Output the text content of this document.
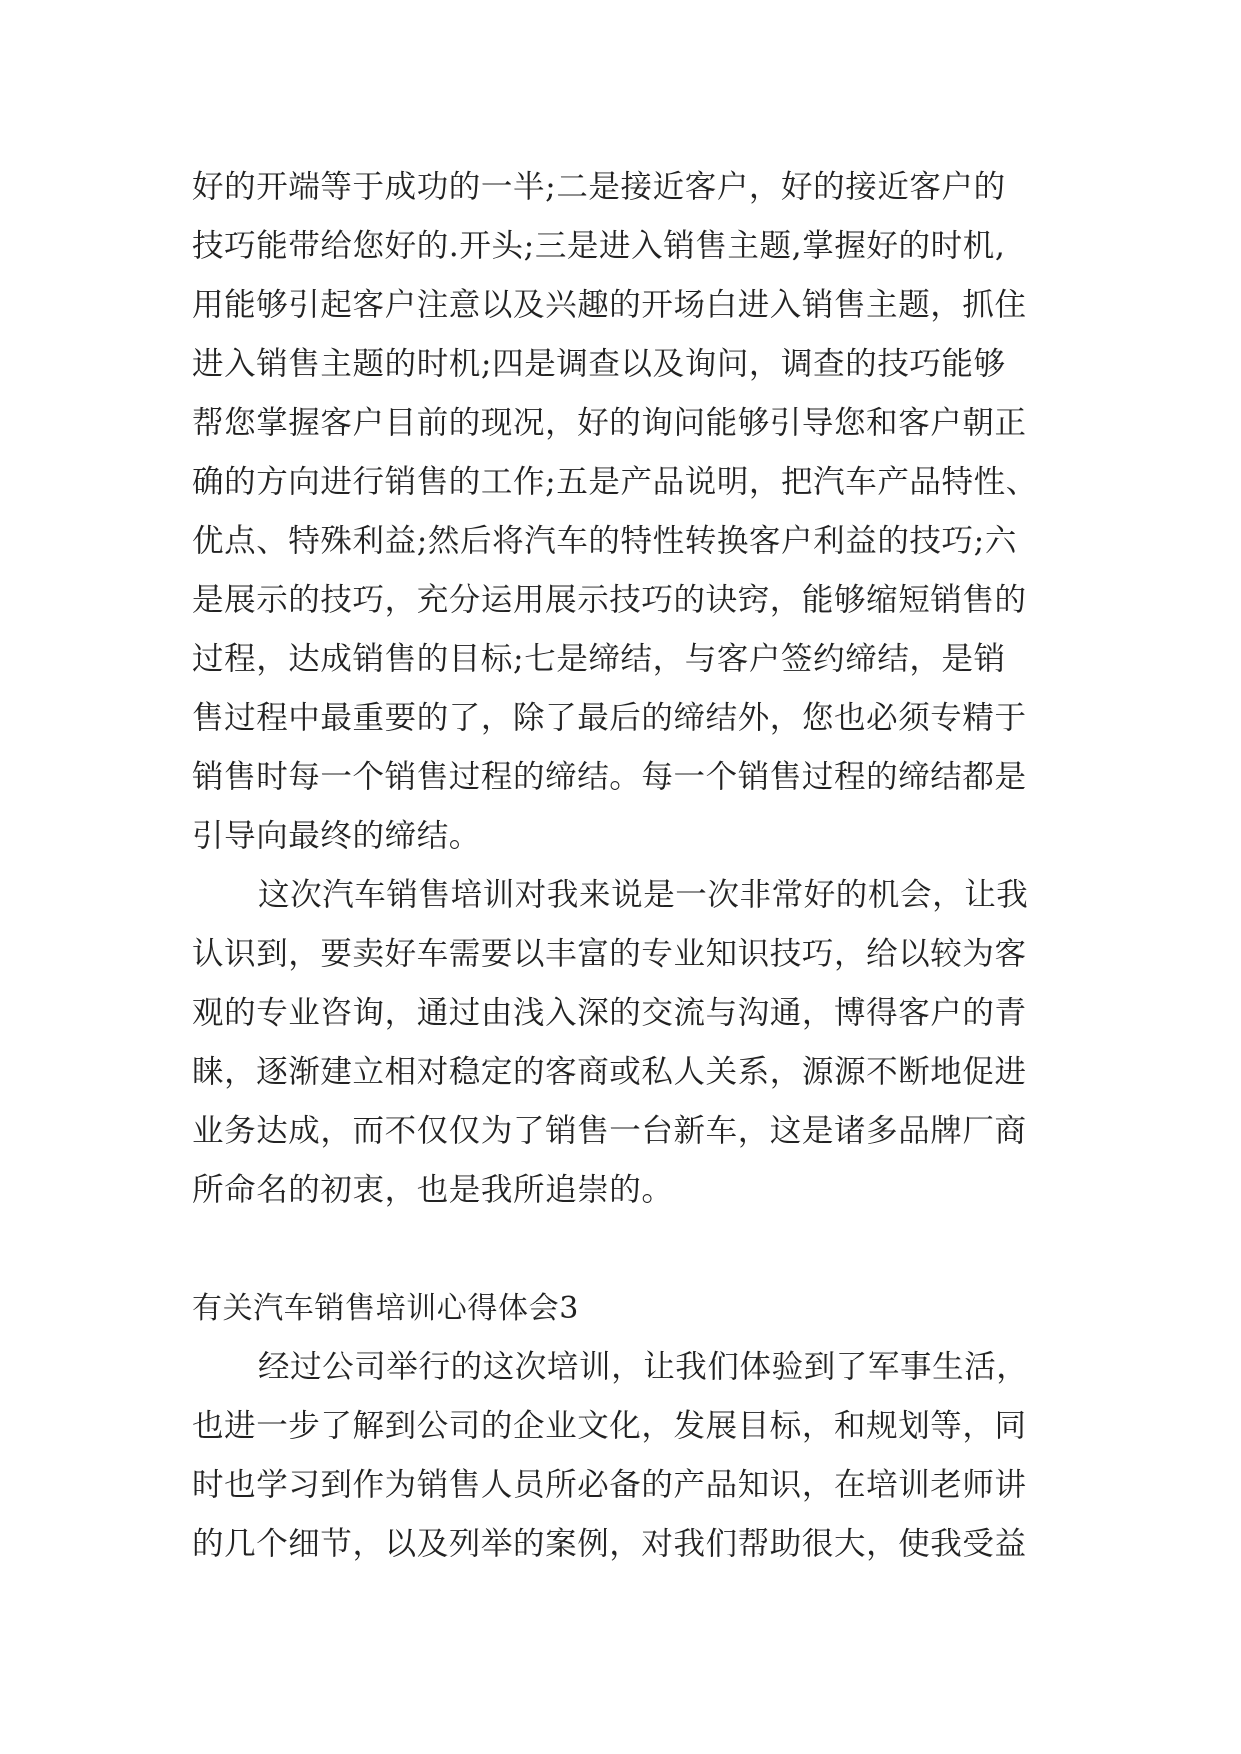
好的开端等于成功的一半;二是接近客户，好的接近客户的
技巧能带给您好的.开头;三是进入销售主题,掌握好的时机,
用能够引起客户注意以及兴趣的开场白进入销售主题，抓住
进入销售主题的时机;四是调查以及询问，调查的技巧能够
帮您掌握客户目前的现况，好的询问能够引导您和客户朝正
确的方向进行销售的工作;五是产品说明，把汽车产品特性、
优点、特殊利益;然后将汽车的特性转换客户利益的技巧;六
是展示的技巧，充分运用展示技巧的诀窍，能够缩短销售的
过程，达成销售的目标;七是缔结，与客户签约缔结，是销
售过程中最重要的了，除了最后的缔结外，您也必须专精于
销售时每一个销售过程的缔结。每一个销售过程的缔结都是
引导向最终的缔结。
这次汽车销售培训对我来说是一次非常好的机会，让我
认识到，要卖好车需要以丰富的专业知识技巧，给以较为客
观的专业咨询，通过由浅入深的交流与沟通，博得客户的青
睐，逐渐建立相对稳定的客商或私人关系，源源不断地促进
业务达成，而不仅仅为了销售一台新车，这是诸多品牌厂商
所命名的初衷，也是我所追崇的。
有关汽车销售培训心得体会3
经过公司举行的这次培训，让我们体验到了军事生活，
也进一步了解到公司的企业文化，发展目标，和规划等，同
时也学习到作为销售人员所必备的产品知识，在培训老师讲
的几个细节，以及列举的案例，对我们帮助很大，使我受益
